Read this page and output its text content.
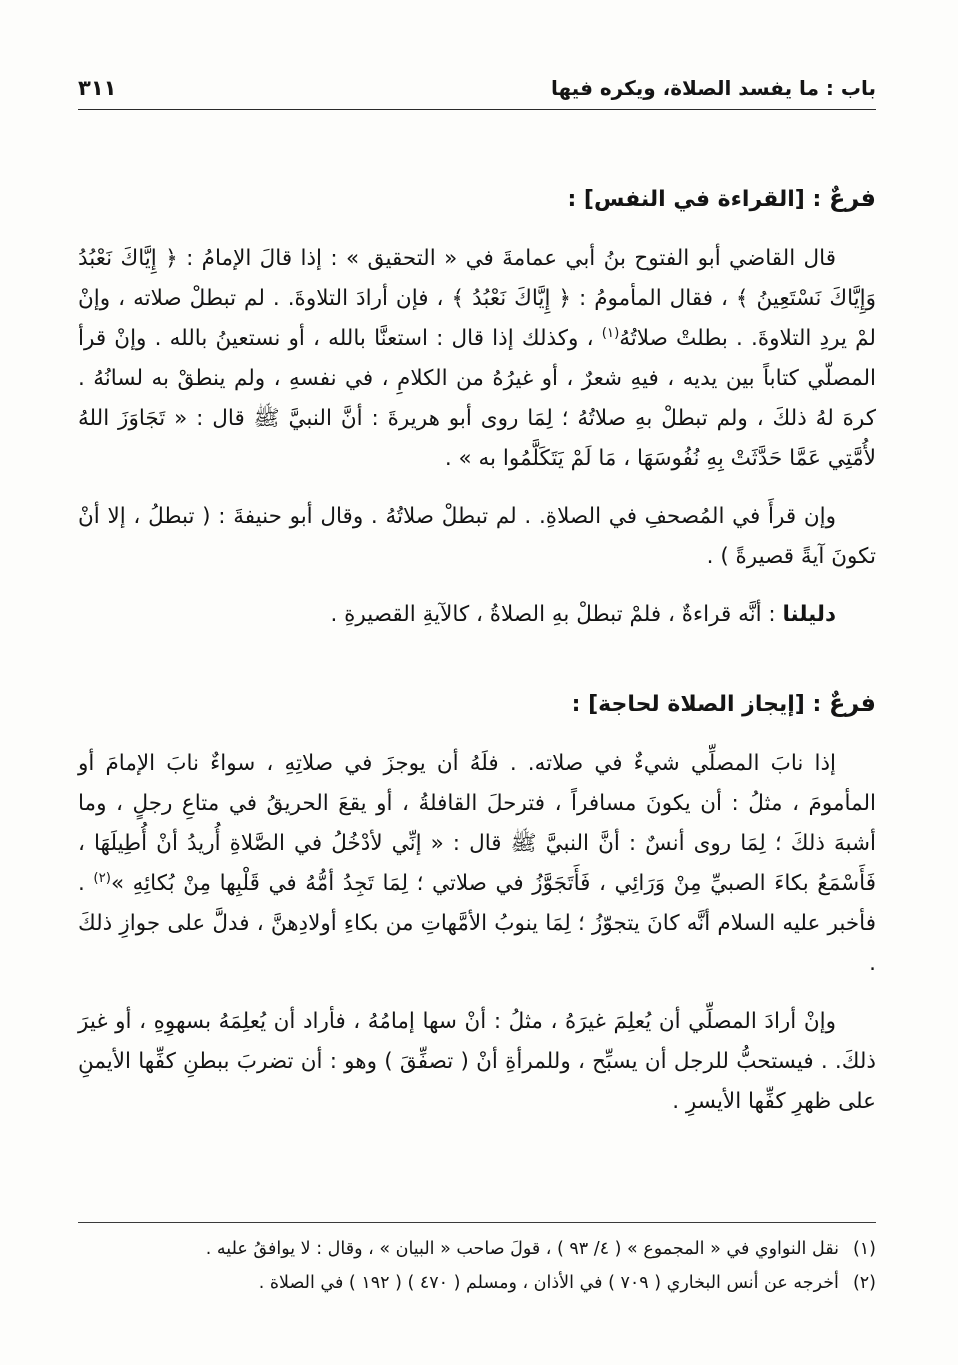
باب : ما يفسد الصلاة، ويكره فيها
٣١١

فرعٌ : [القراءة في النفس] :

قال القاضي أبو الفتوح بنُ أبي عمامةَ في « التحقيق » : إذا قالَ الإمامُ : ﴿ إِيَّاكَ نَعْبُدُ وَإِيَّاكَ نَسْتَعِينُ ﴾ ، فقال المأمومُ : ﴿ إِيَّاكَ نَعْبُدُ ﴾ ، فإن أرادَ التلاوةَ. . لم تبطلْ صلاته ، وإنْ لمْ يردِ التلاوةَ. . بطلتْ صلاتُهُ$^{(١)}$ ، وكذلك إذا قال : استعنَّا بالله ، أو نستعينُ بالله . وإنْ قرأ المصلّي كتاباً بين يديه ، فيهِ شعرٌ ، أو غيرُهُ من الكلامِ ، في نفسهِ ، ولم ينطقْ به لسانُهُ . كرهَ لهُ ذلكَ ، ولم تبطلْ بهِ صلاتُهُ ؛ لِمَا روى أبو هريرةَ : أنَّ النبيَّ ﷺ قال : « تَجَاوَزَ اللهُ لأُمَّتِي عَمَّا حَدَّثَتْ بِهِ نُفُوسَهَا ، مَا لَمْ يَتَكَلَّمُوا به » .

وإن قرأَ في المُصحفِ في الصلاةِ. . لم تبطلْ صلاتُهُ . وقال أبو حنيفةَ : ( تبطلُ ، إلا أنْ تكونَ آيةً قصيرةً ) .

دليلنا : أنَّه قراءةٌ ، فلمْ تبطلْ بهِ الصلاةُ ، كالآيةِ القصيرةِ .

فرعٌ : [إيجاز الصلاة لحاجة] :

إذا نابَ المصلِّي شيءٌ في صلاته. . فلَهُ أن يوجزَ في صلاتِهِ ، سواءٌ نابَ الإمامَ أو المأمومَ ، مثلُ : أن يكونَ مسافراً ، فترحلَ القافلةُ ، أو يقعَ الحريقُ في متاعِ رجلٍ ، وما أشبهَ ذلكَ ؛ لِمَا روى أنسٌ : أنَّ النبيَّ ﷺ قال : « إنِّي لأدْخُلُ في الصَّلاةِ أُريدُ أنْ أُطِيلَهَا ، فَأَسْمَعُ بكاءَ الصبيِّ مِنْ وَرَائِي ، فَأَتَجَوَّزُ في صلاتي ؛ لِمَا تَجِدُ أمُّهُ في قَلْبِها مِنْ بُكائِهِ »$^{(٢)}$ . فأخبر عليه السلام أنَّه كانَ يتجوّزُ ؛ لِمَا ينوبُ الأمَّهاتِ من بكاءِ أولادِهنَّ ، فدلَّ على جوازِ ذلكَ .

وإنْ أرادَ المصلِّي أن يُعلِمَ غيرَهُ ، مثلُ : أنْ سها إمامُهُ ، فأراد أن يُعلِمَهُ بسهوِهِ ، أو غيرَ ذلكَ. . فيستحبُّ للرجل أن يسبِّح ، وللمرأةِ أنْ ( تصفِّقَ ) وهو : أن تضربَ ببطنِ كفِّها الأيمنِ على ظهرِ كفِّها الأيسرِ .

(١)
نقل النواوي في « المجموع » ( ٤/ ٩٣ ) ، قولَ صاحب « البيان » ، وقال : لا يوافقُ عليه .
(٢)
أخرجه عن أنس البخاري ( ٧٠٩ ) في الأذان ، ومسلم ( ٤٧٠ ) ( ١٩٢ ) في الصلاة .
